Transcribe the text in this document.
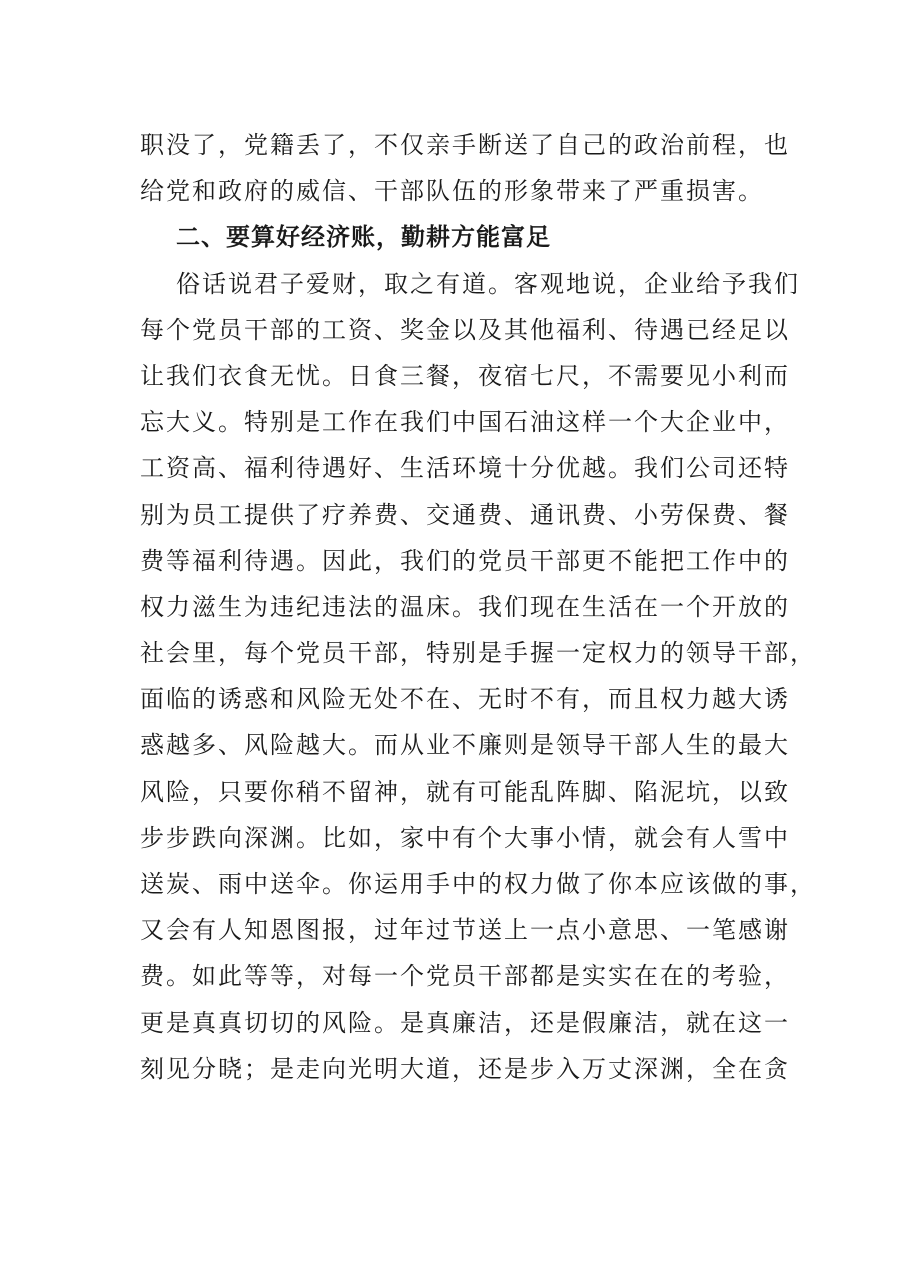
职没了，党籍丢了，不仅亲手断送了自己的政治前程，也
给党和政府的威信、干部队伍的形象带来了严重损害。
二、要算好经济账，勤耕方能富足
俗话说君子爱财，取之有道。客观地说，企业给予我们
每个党员干部的工资、奖金以及其他福利、待遇已经足以
让我们衣食无忧。日食三餐，夜宿七尺，不需要见小利而
忘大义。特别是工作在我们中国石油这样一个大企业中，
工资高、福利待遇好、生活环境十分优越。我们公司还特
别为员工提供了疗养费、交通费、通讯费、小劳保费、餐
费等福利待遇。因此，我们的党员干部更不能把工作中的
权力滋生为违纪违法的温床。我们现在生活在一个开放的
社会里，每个党员干部，特别是手握一定权力的领导干部，
面临的诱惑和风险无处不在、无时不有，而且权力越大诱
惑越多、风险越大。而从业不廉则是领导干部人生的最大
风险，只要你稍不留神，就有可能乱阵脚、陷泥坑，以致
步步跌向深渊。比如，家中有个大事小情，就会有人雪中
送炭、雨中送伞。你运用手中的权力做了你本应该做的事，
又会有人知恩图报，过年过节送上一点小意思、一笔感谢
费。如此等等，对每一个党员干部都是实实在在的考验，
更是真真切切的风险。是真廉洁，还是假廉洁，就在这一
刻见分晓；是走向光明大道，还是步入万丈深渊，全在贪
